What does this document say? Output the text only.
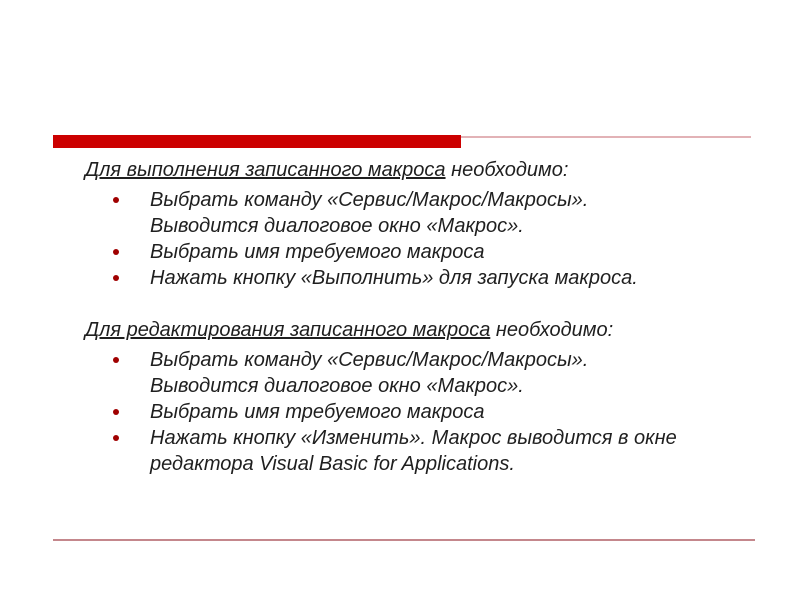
Для выполнения записанного макроса необходимо:

Выбрать команду «Сервис/Макрос/Макросы». Выводится диалоговое окно «Макрос».
Выбрать имя требуемого макроса
Нажать кнопку «Выполнить» для запуска макроса.

Для редактирования записанного макроса необходимо:

Выбрать команду «Сервис/Макрос/Макросы». Выводится диалоговое окно «Макрос».
Выбрать имя требуемого макроса
Нажать кнопку «Изменить». Макрос выводится в окне редактора Visual Basic for Applications.
